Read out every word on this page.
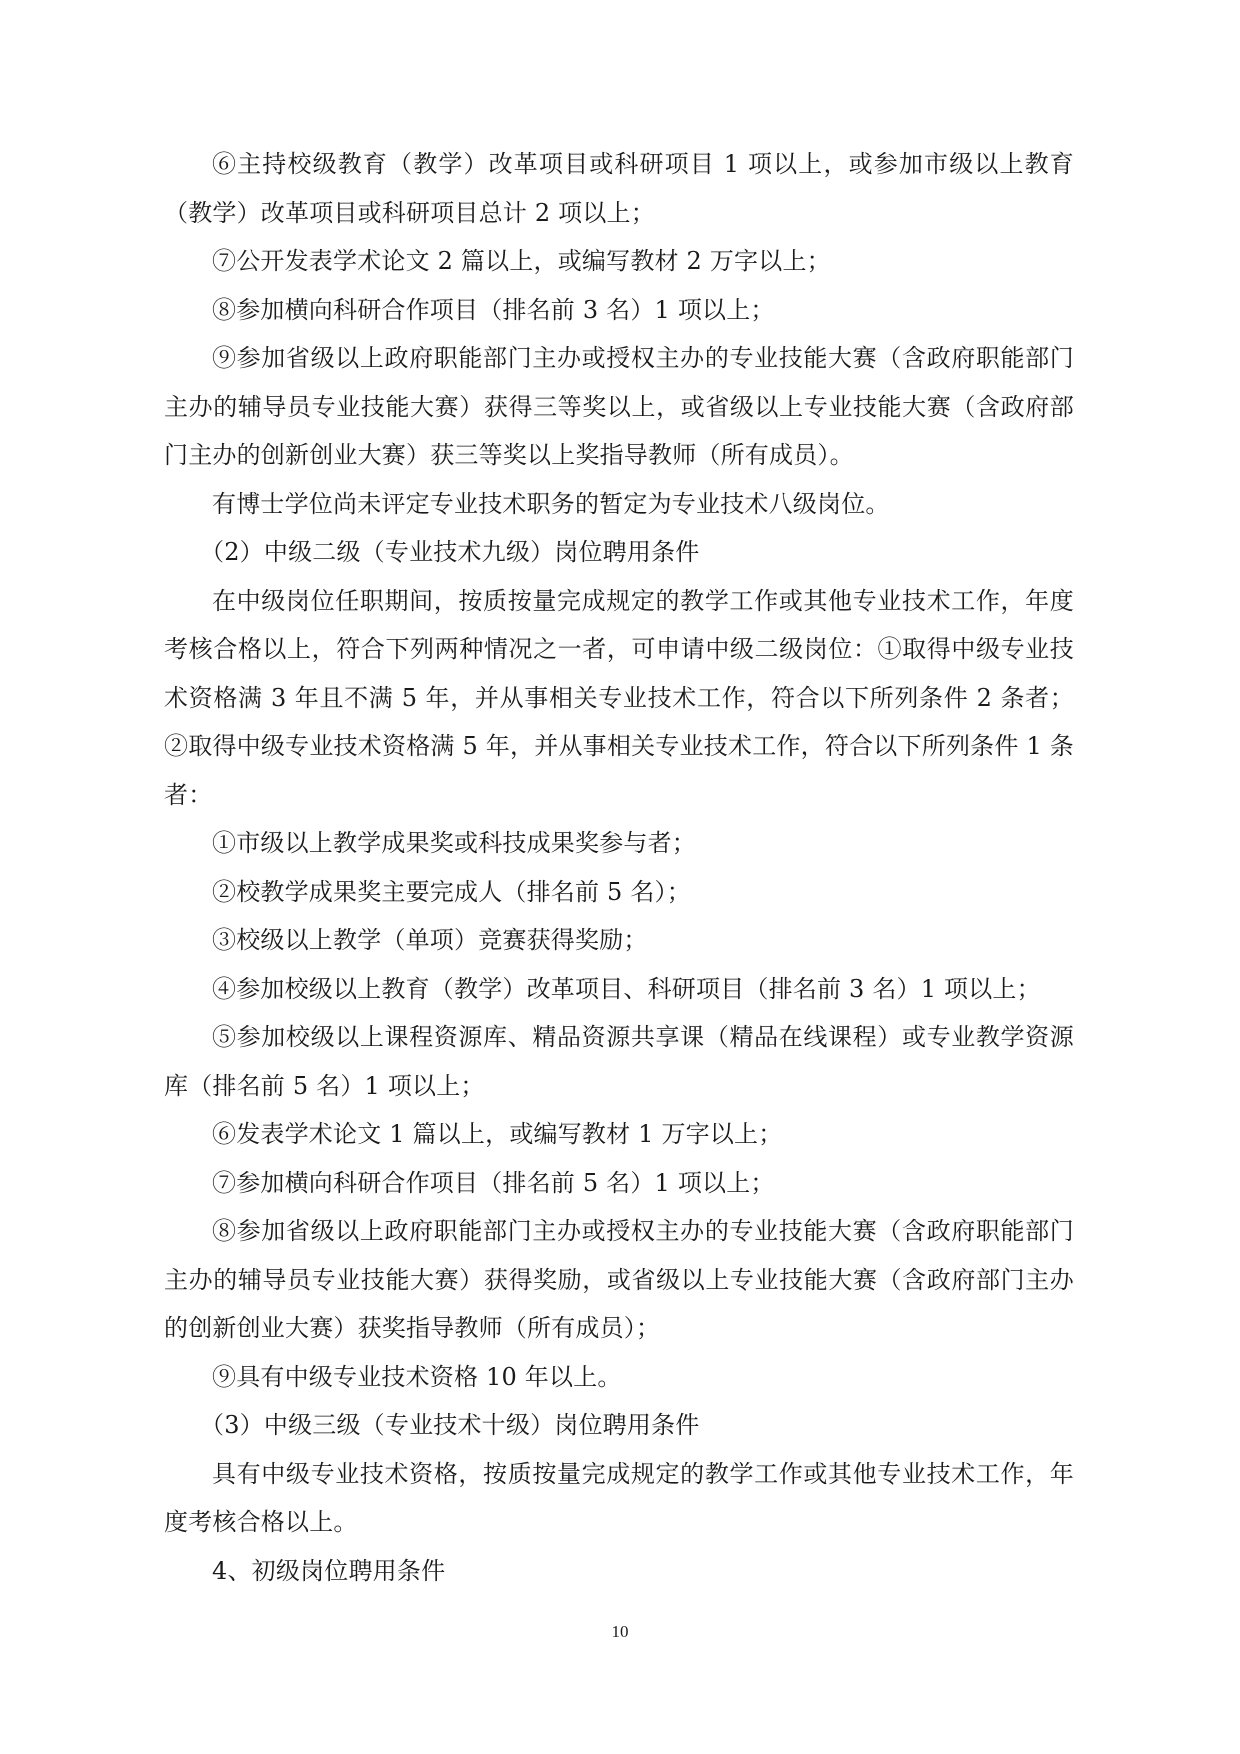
⑥主持校级教育（教学）改革项目或科研项目 1 项以上，或参加市级以上教育（教学）改革项目或科研项目总计 2 项以上；

⑦公开发表学术论文 2 篇以上，或编写教材 2 万字以上；

⑧参加横向科研合作项目（排名前 3 名）1 项以上；

⑨参加省级以上政府职能部门主办或授权主办的专业技能大赛（含政府职能部门主办的辅导员专业技能大赛）获得三等奖以上，或省级以上专业技能大赛（含政府部门主办的创新创业大赛）获三等奖以上奖指导教师（所有成员）。

有博士学位尚未评定专业技术职务的暂定为专业技术八级岗位。

（2）中级二级（专业技术九级）岗位聘用条件

在中级岗位任职期间，按质按量完成规定的教学工作或其他专业技术工作，年度考核合格以上，符合下列两种情况之一者，可申请中级二级岗位：①取得中级专业技术资格满 3 年且不满 5 年，并从事相关专业技术工作，符合以下所列条件 2 条者；②取得中级专业技术资格满 5 年，并从事相关专业技术工作，符合以下所列条件 1 条者：

①市级以上教学成果奖或科技成果奖参与者；

②校教学成果奖主要完成人（排名前 5 名）；

③校级以上教学（单项）竞赛获得奖励；

④参加校级以上教育（教学）改革项目、科研项目（排名前 3 名）1 项以上；

⑤参加校级以上课程资源库、精品资源共享课（精品在线课程）或专业教学资源库（排名前 5 名）1 项以上；

⑥发表学术论文 1 篇以上，或编写教材 1 万字以上；

⑦参加横向科研合作项目（排名前 5 名）1 项以上；

⑧参加省级以上政府职能部门主办或授权主办的专业技能大赛（含政府职能部门主办的辅导员专业技能大赛）获得奖励，或省级以上专业技能大赛（含政府部门主办的创新创业大赛）获奖指导教师（所有成员）；

⑨具有中级专业技术资格 10 年以上。

（3）中级三级（专业技术十级）岗位聘用条件

具有中级专业技术资格，按质按量完成规定的教学工作或其他专业技术工作，年度考核合格以上。

4、初级岗位聘用条件

10
